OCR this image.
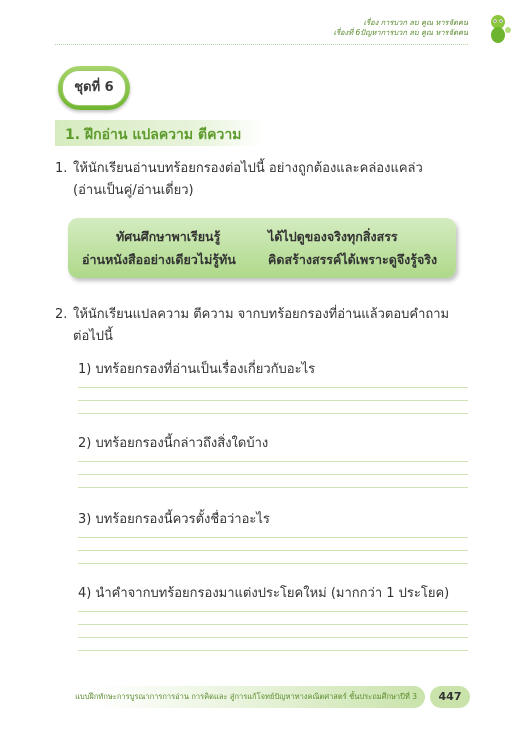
เรื่อง การบวก ลบ คูณ หารจัดคน
เรื่องที่ 6ปัญหาการบวก ลบ คูณ หารจัดคน
ชุดที่ 6
1. ฝึกอ่าน แปลความ ตีความ
1. ให้นักเรียนอ่านบทร้อยกรองต่อไปนี้ อย่างถูกต้องและคล่องแคล่ว
(อ่านเป็นคู่/อ่านเดี่ยว)
ทัศนศึกษาพาเรียนรู้	ได้ไปดูของจริงทุกสิ่งสรร
อ่านหนังสืออย่างเดียวไม่รู้ทัน	คิดสร้างสรรค์ได้เพราะดูจึงรู้จริง
2. ให้นักเรียนแปลความ ตีความ จากบทร้อยกรองที่อ่านแล้วตอบคำถาม
ต่อไปนี้
1) บทร้อยกรองที่อ่านเป็นเรื่องเกี่ยวกับอะไร
2) บทร้อยกรองนี้กล่าวถึงสิ่งใดบ้าง
3) บทร้อยกรองนี้ควรตั้งชื่อว่าอะไร
4) นำคำจากบทร้อยกรองมาแต่งประโยคใหม่ (มากกว่า 1 ประโยค)
แบบฝึกทักษะการบูรณาการการอ่าน การคิดและ สู่การแก้โจทย์ปัญหาทางคณิตศาสตร์ ชั้นประถมศึกษาปีที่ 3	447
